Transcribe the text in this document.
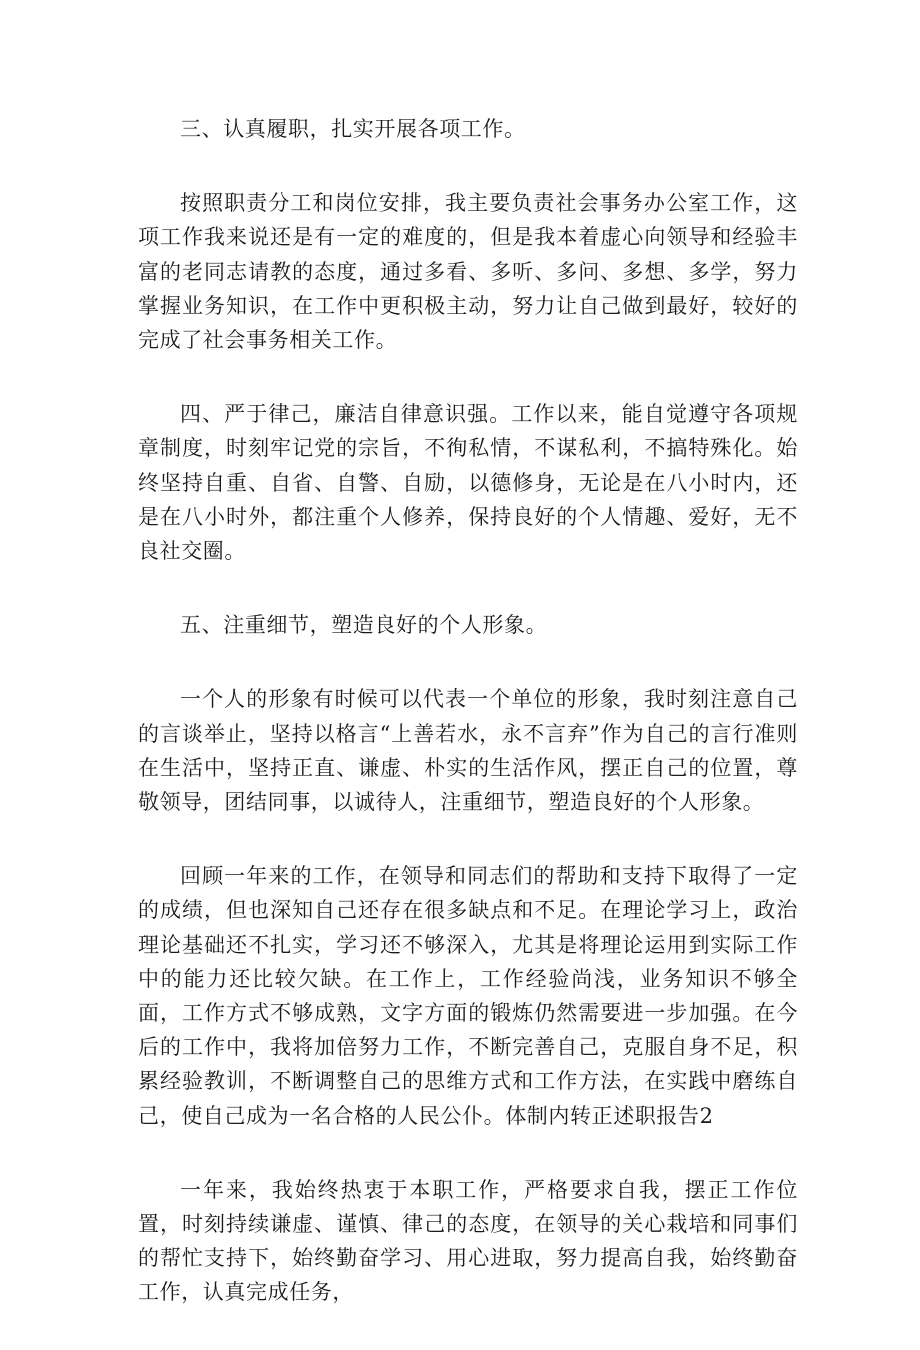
三、认真履职，扎实开展各项工作。

按照职责分工和岗位安排，我主要负责社会事务办公室工作，这项工作我来说还是有一定的难度的，但是我本着虚心向领导和经验丰富的老同志请教的态度，通过多看、多听、多问、多想、多学，努力掌握业务知识，在工作中更积极主动，努力让自己做到最好，较好的完成了社会事务相关工作。

四、严于律己，廉洁自律意识强。工作以来，能自觉遵守各项规章制度，时刻牢记党的宗旨，不徇私情，不谋私利，不搞特殊化。始终坚持自重、自省、自警、自励，以德修身，无论是在八小时内，还是在八小时外，都注重个人修养，保持良好的个人情趣、爱好，无不良社交圈。

五、注重细节，塑造良好的个人形象。

一个人的形象有时候可以代表一个单位的形象，我时刻注意自己的言谈举止，坚持以格言“上善若水，永不言弃”作为自己的言行准则在生活中，坚持正直、谦虚、朴实的生活作风，摆正自己的位置，尊敬领导，团结同事，以诚待人，注重细节，塑造良好的个人形象。

回顾一年来的工作，在领导和同志们的帮助和支持下取得了一定的成绩，但也深知自己还存在很多缺点和不足。在理论学习上，政治理论基础还不扎实，学习还不够深入，尤其是将理论运用到实际工作中的能力还比较欠缺。在工作上，工作经验尚浅，业务知识不够全面，工作方式不够成熟，文字方面的锻炼仍然需要进一步加强。在今后的工作中，我将加倍努力工作，不断完善自己，克服自身不足，积累经验教训，不断调整自己的思维方式和工作方法，在实践中磨练自己，使自己成为一名合格的人民公仆。体制内转正述职报告2

一年来，我始终热衷于本职工作，严格要求自我，摆正工作位置，时刻持续谦虚、谨慎、律己的态度，在领导的关心栽培和同事们的帮忙支持下，始终勤奋学习、用心进取，努力提高自我，始终勤奋工作，认真完成任务，
